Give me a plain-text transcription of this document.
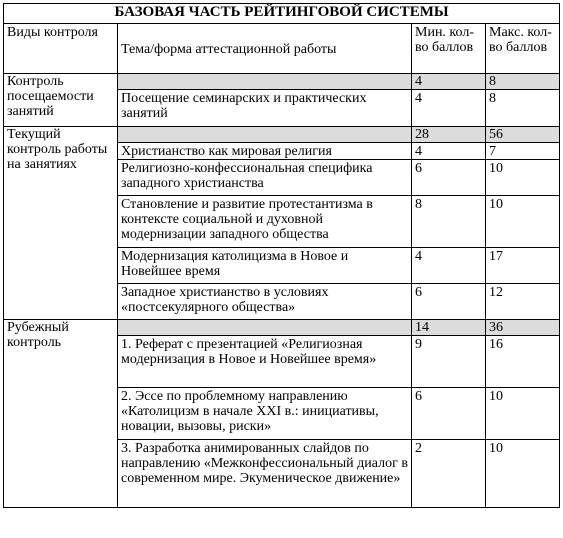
БАЗОВАЯ ЧАСТЬ РЕЙТИНГОВОЙ СИСТЕМЫ			
Виды контроля	Тема/форма аттестационной работы	Мин. кол-во баллов	Макс. кол-во баллов
Контроль посещаемости занятий		4	8
	Посещение семинарских и практических занятий	4	8
Текущий контроль работы на занятиях		28	56
	Христианство как мировая религия	4	7
	Религиозно-конфессиональная специфика западного христианства	6	10
	Становление и развитие протестантизма в контексте социальной и духовной модернизации западного общества	8	10
	Модернизация католицизма в Новое и Новейшее время	4	17
	Западное христианство в условиях «постсекулярного общества»	6	12
Рубежный контроль		14	36
	1. Реферат с презентацией «Религиозная модернизация в Новое и Новейшее время»	9	16
	2. Эссе по проблемному направлению «Католицизм в начале XXI в.: инициативы, новации, вызовы, риски»	6	10
	3. Разработка анимированных слайдов по направлению «Межконфессиональный диалог в современном мире. Экуменическое движение»	2	10
